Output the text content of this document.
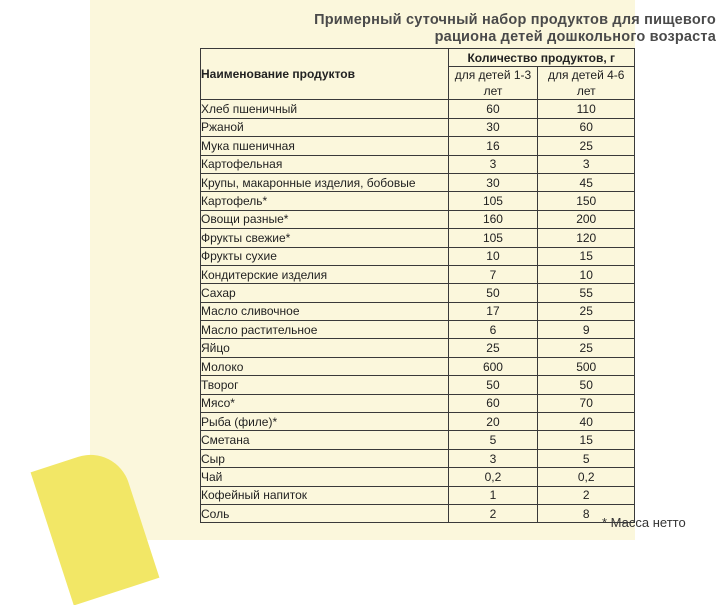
Примерный суточный набор продуктов для пищевого
рациона детей дошкольного возраста
Наименование продуктов	Количество продуктов, г	
	для детей 1-3 лет	для детей 4-6 лет
Хлеб пшеничный	60	110
Ржаной	30	60
Мука пшеничная	16	25
Картофельная	3	3
Крупы, макаронные изделия, бобовые	30	45
Картофель*	105	150
Овощи разные*	160	200
Фрукты свежие*	105	120
Фрукты сухие	10	15
Кондитерские изделия	7	10
Сахар	50	55
Масло сливочное	17	25
Масло растительное	6	9
Яйцо	25	25
Молоко	600	500
Творог	50	50
Мясо*	60	70
Рыба (филе)*	20	40
Сметана	5	15
Сыр	3	5
Чай	0,2	0,2
Кофейный напиток	1	2
Соль	2	8
* Масса нетто
